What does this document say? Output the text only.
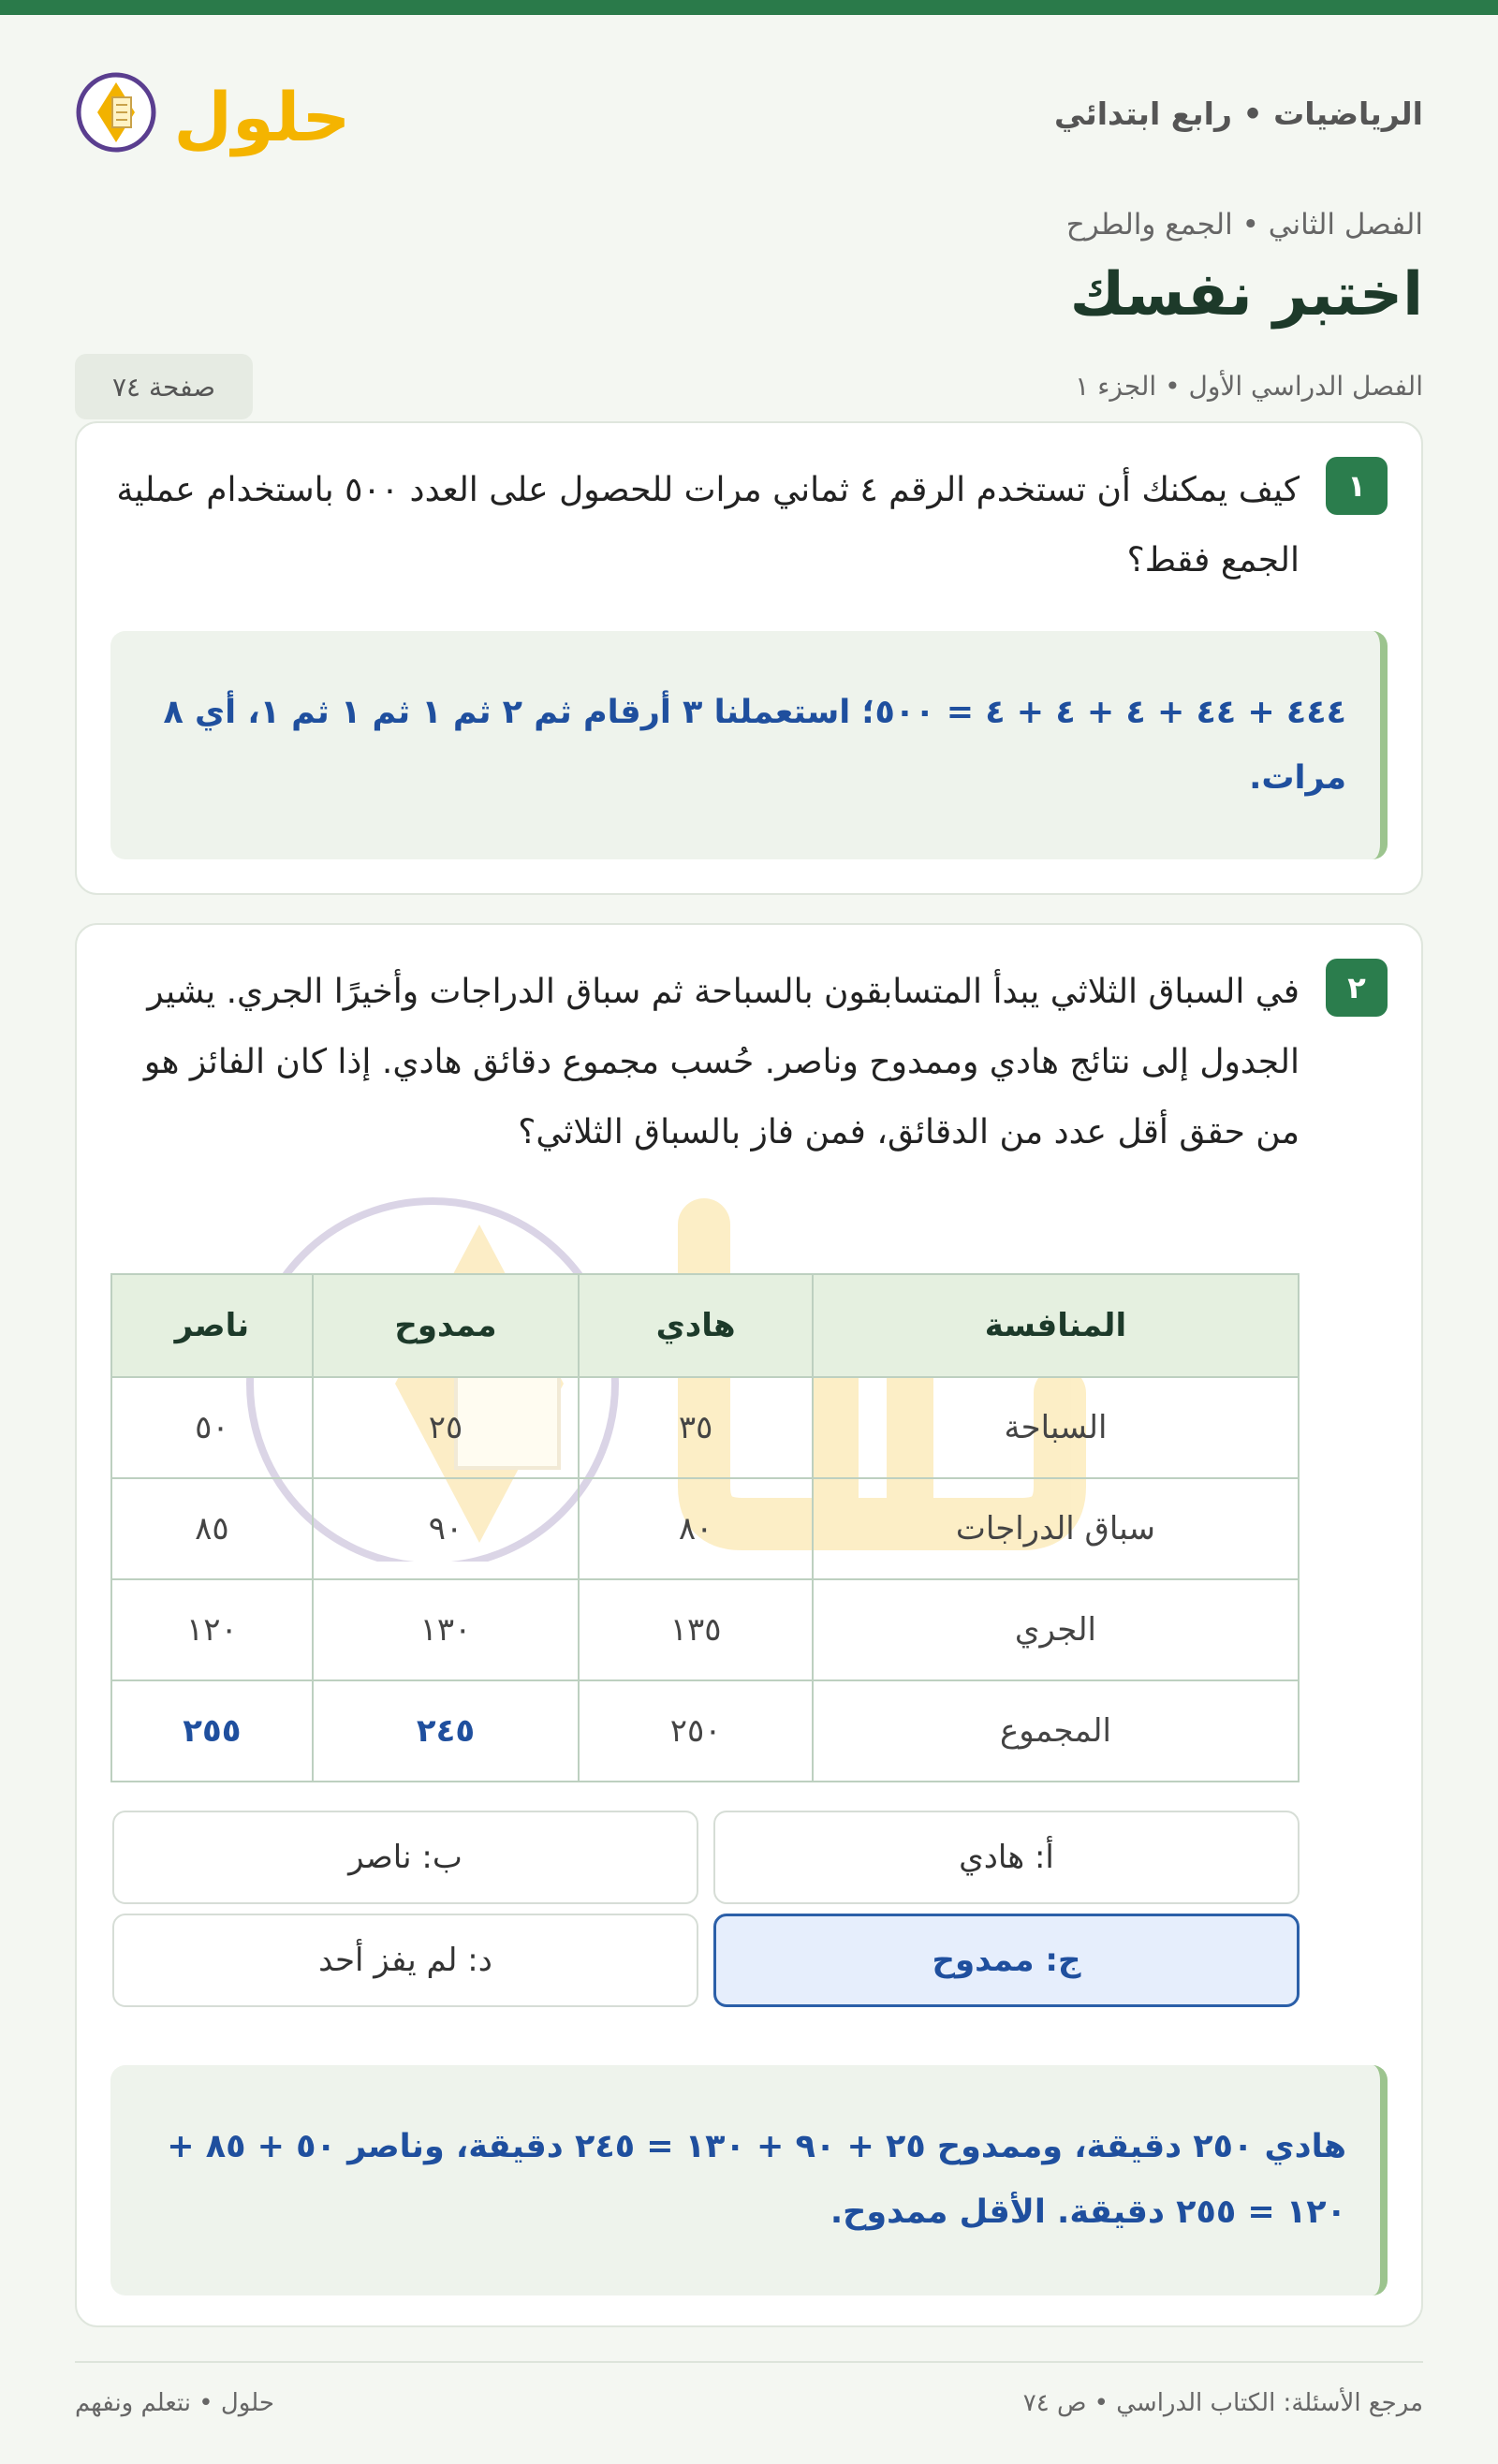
الرياضيات • رابع ابتدائي
حلول
الفصل الثاني • الجمع والطرح
اختبر نفسك
الفصل الدراسي الأول • الجزء ١
صفحة ٧٤
١
كيف يمكنك أن تستخدم الرقم ٤ ثماني مرات للحصول على العدد ٥٠٠ باستخدام عملية الجمع فقط؟
٤٤٤ + ٤٤ + ٤ + ٤ + ٤ = ٥٠٠؛ استعملنا ٣ أرقام ثم ٢ ثم ١ ثم ١ ثم ١، أي ٨ مرات.
٢
في السباق الثلاثي يبدأ المتسابقون بالسباحة ثم سباق الدراجات وأخيرًا الجري. يشير الجدول إلى نتائج هادي وممدوح وناصر. حُسب مجموع دقائق هادي. إذا كان الفائز هو من حقق أقل عدد من الدقائق، فمن فاز بالسباق الثلاثي؟
المنافسة	هادي	ممدوح	ناصر
السباحة	٣٥	٢٥	٥٠
سباق الدراجات	٨٠	٩٠	٨٥
الجري	١٣٥	١٣٠	١٢٠
المجموع	٢٥٠	٢٤٥	٢٥٥
أ: هادي
ب: ناصر
ج: ممدوح
د: لم يفز أحد
هادي ٢٥٠ دقيقة، وممدوح ٢٥ + ٩٠ + ١٣٠ = ٢٤٥ دقيقة، وناصر ٥٠ + ٨٥ + ١٢٠ = ٢٥٥ دقيقة. الأقل ممدوح.
مرجع الأسئلة: الكتاب الدراسي • ص ٧٤
حلول • نتعلم ونفهم
